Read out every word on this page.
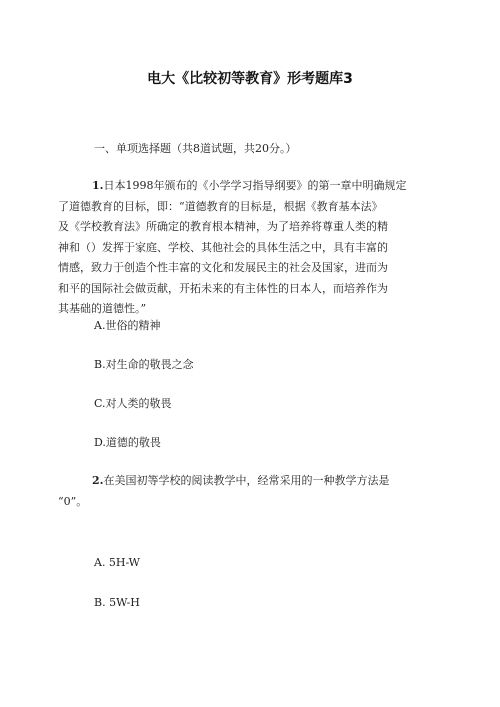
电大《比较初等教育》形考题库3
一、单项选择题（共8道试题，共20分。）
1.日本1998年颁布的《小学学习指导纲要》的第一章中明确规定
了道德教育的目标，即：“道德教育的目标是，根据《教育基本法》
及《学校教育法》所确定的教育根本精神，为了培养将尊重人类的精
神和（）发挥于家庭、学校、其他社会的具体生活之中，具有丰富的
情感，致力于创造个性丰富的文化和发展民主的社会及国家，进而为
和平的国际社会做贡献，开拓未来的有主体性的日本人，而培养作为
其基础的道德性。”
A.世俗的精神
B.对生命的敬畏之念
C.对人类的敬畏
D.道德的敬畏
2.在美国初等学校的阅读教学中，经常采用的一种教学方法是
“0”。
A. 5H-W
B. 5W-H
